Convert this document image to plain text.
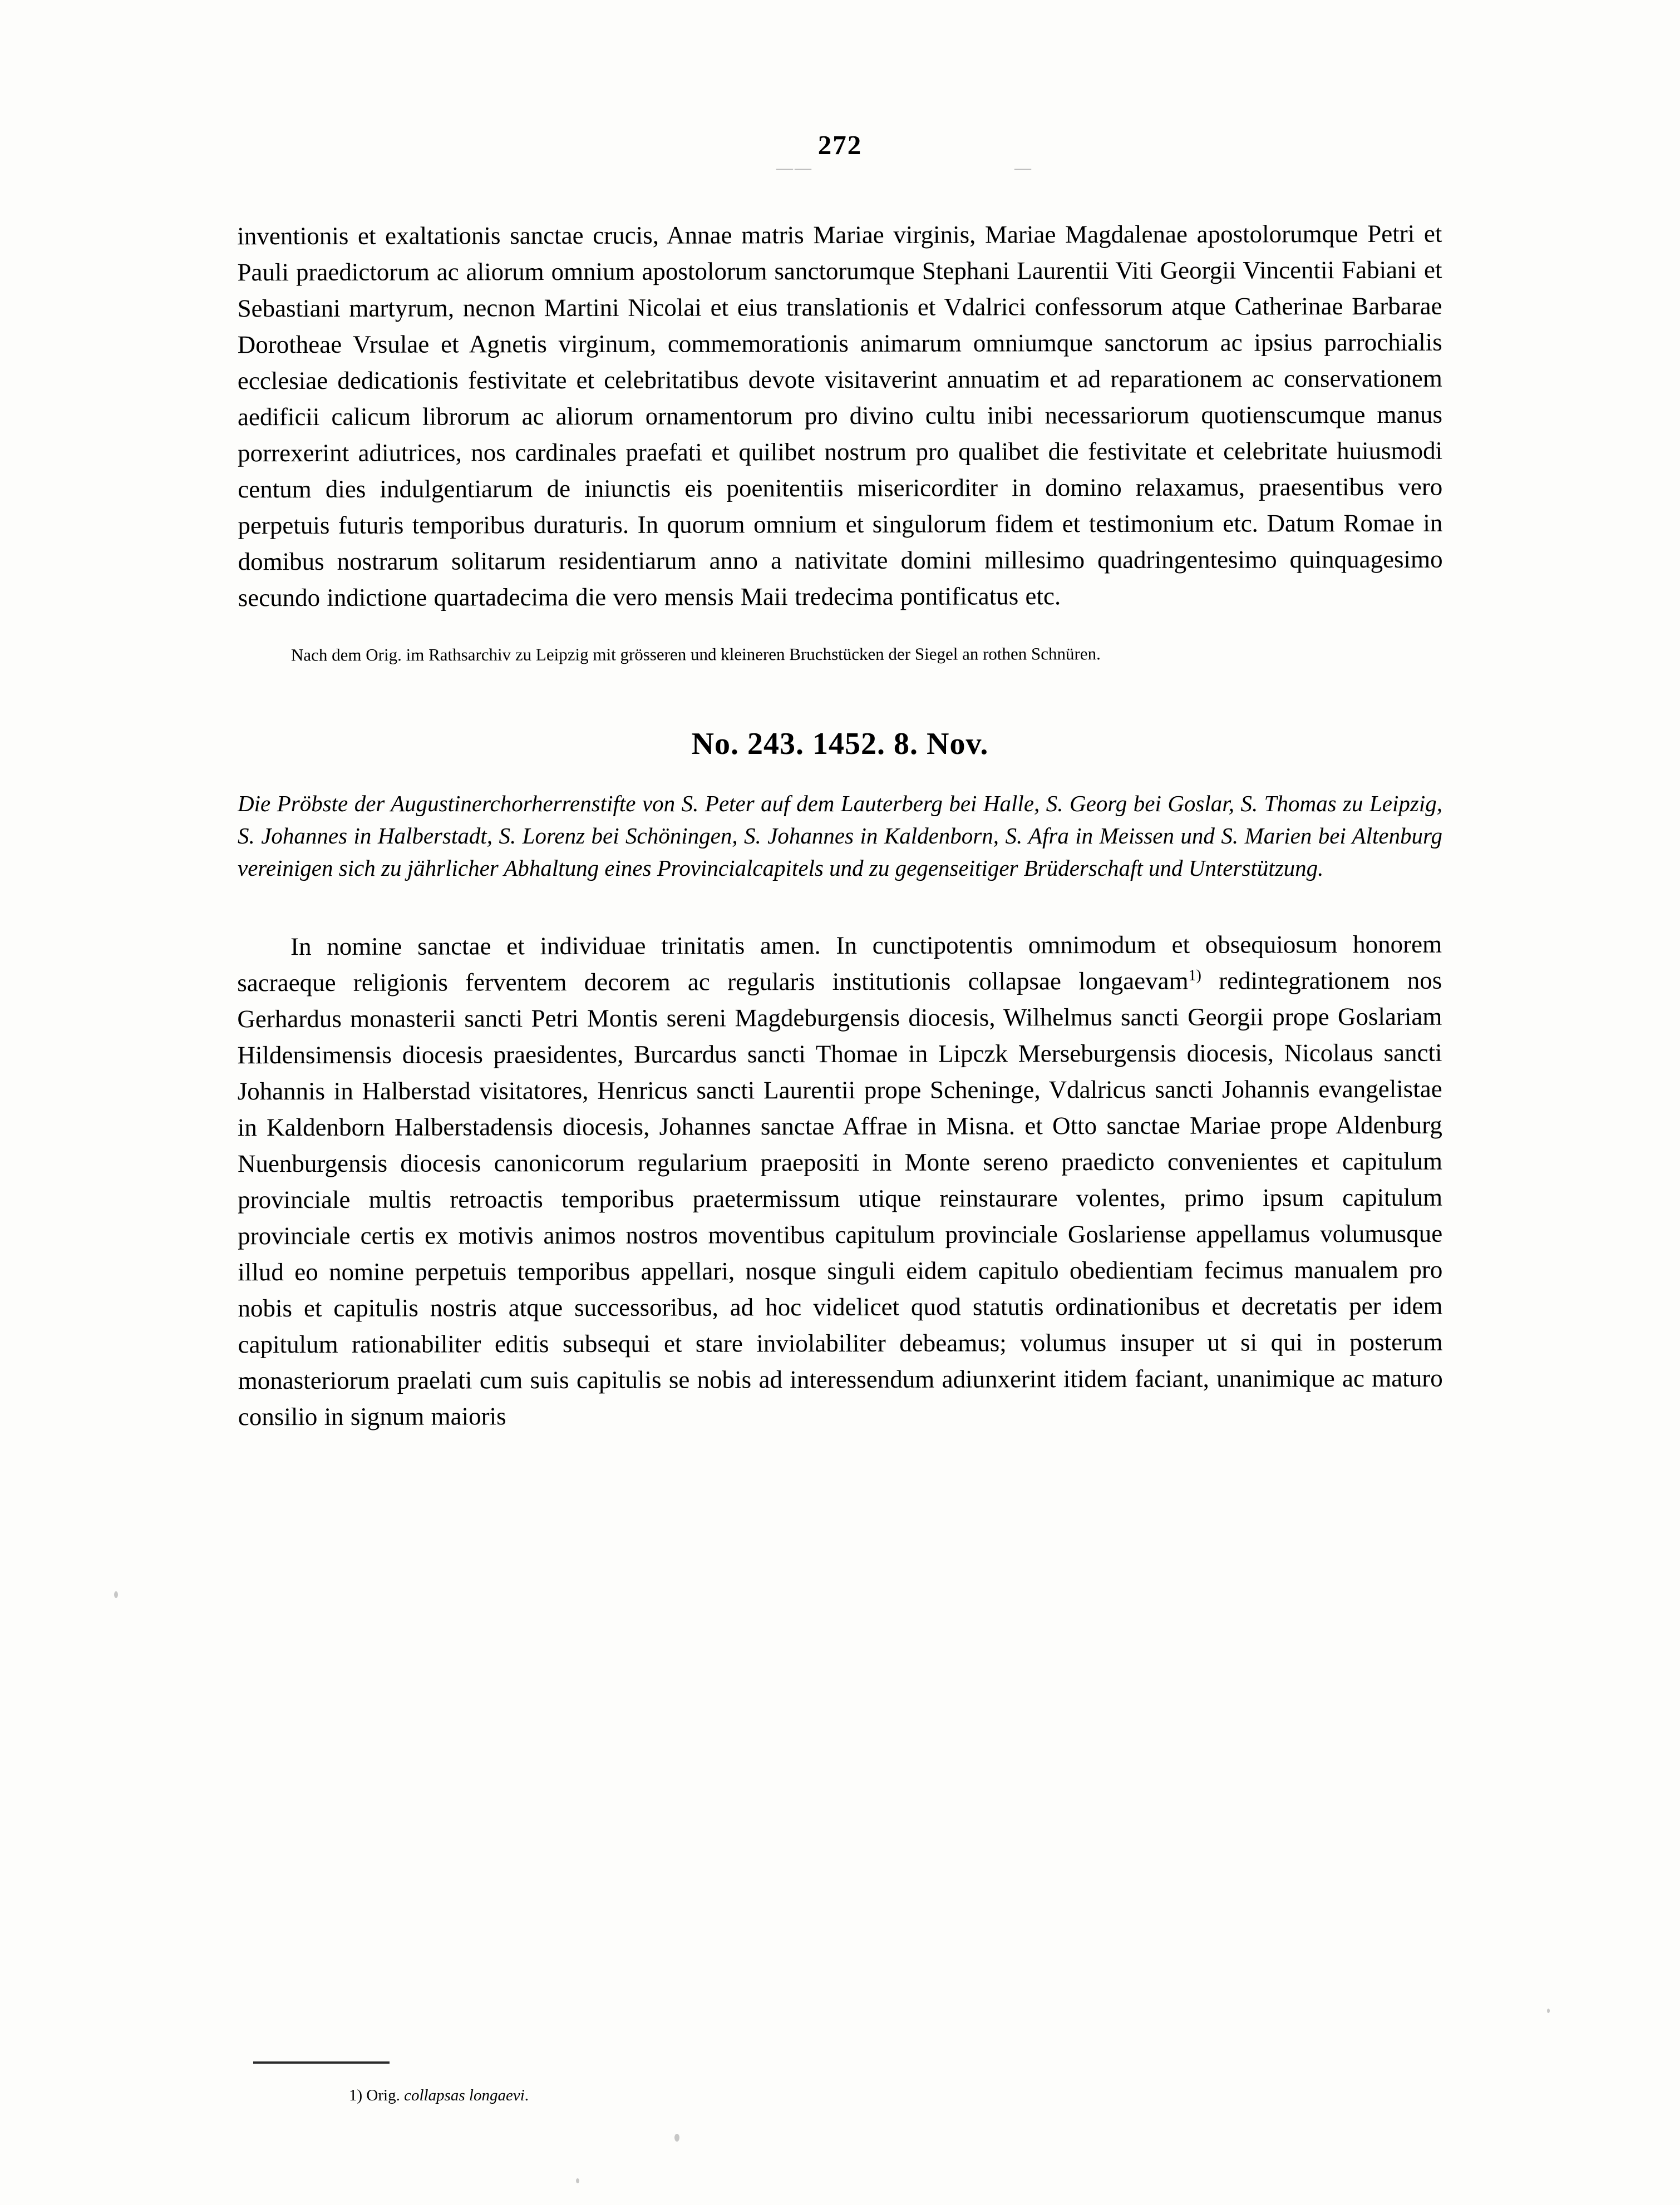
——
272
—

inventionis et exaltationis sanctae crucis, Annae matris Mariae virginis, Mariae Magdalenae apostolorumque Petri et Pauli praedictorum ac aliorum omnium apostolorum sanctorumque Stephani Laurentii Viti Georgii Vincentii Fabiani et Sebastiani martyrum, necnon Martini Nicolai et eius translationis et Vdalrici confessorum atque Catherinae Barbarae Dorotheae Vrsulae et Agnetis virginum, commemorationis animarum omniumque sanctorum ac ipsius parrochialis ecclesiae dedicationis festivitate et celebritatibus devote visitaverint annuatim et ad reparationem ac conservationem aedificii calicum librorum ac aliorum ornamentorum pro divino cultu inibi necessariorum quotienscumque manus porrexerint adiutrices, nos cardinales praefati et quilibet nostrum pro qualibet die festivitate et celebritate huiusmodi centum dies indulgentiarum de iniunctis eis poenitentiis misericorditer in domino relaxamus, praesentibus vero perpetuis futuris temporibus duraturis. In quorum omnium et singulorum fidem et testimonium etc. Datum Romae in domibus nostrarum solitarum residentiarum anno a nativitate domini millesimo quadringentesimo quinquagesimo secundo indictione quartadecima die vero mensis Maii tredecima pontificatus etc.

Nach dem Orig. im Rathsarchiv zu Leipzig mit grösseren und kleineren Bruchstücken der Siegel an rothen Schnüren.

No. 243. 1452. 8. Nov.

Die Pröbste der Augustinerchorherrenstifte von S. Peter auf dem Lauterberg bei Halle, S. Georg bei Goslar, S. Thomas zu Leipzig, S. Johannes in Halberstadt, S. Lorenz bei Schöningen, S. Johannes in Kaldenborn, S. Afra in Meissen und S. Marien bei Altenburg vereinigen sich zu jährlicher Abhaltung eines Provincialcapitels und zu gegenseitiger Brüderschaft und Unterstützung.

In nomine sanctae et individuae trinitatis amen. In cunctipotentis omnimodum et obsequiosum honorem sacraeque religionis ferventem decorem ac regularis institutionis collapsae longaevam$^{1)}$ redintegrationem nos Gerhardus monasterii sancti Petri Montis sereni Magdeburgensis diocesis, Wilhelmus sancti Georgii prope Goslariam Hildensimensis diocesis praesidentes, Burcardus sancti Thomae in Lipczk Merseburgensis diocesis, Nicolaus sancti Johannis in Halberstad visitatores, Henricus sancti Laurentii prope Scheninge, Vdalricus sancti Johannis evangelistae in Kaldenborn Halberstadensis diocesis, Johannes sanctae Affrae in Misna. et Otto sanctae Mariae prope Aldenburg Nuenburgensis diocesis canonicorum regularium praepositi in Monte sereno praedicto convenientes et capitulum provinciale multis retroactis temporibus praetermissum utique reinstaurare volentes, primo ipsum capitulum provinciale certis ex motivis animos nostros moventibus capitulum provinciale Goslariense appellamus volumusque illud eo nomine perpetuis temporibus appellari, nosque singuli eidem capitulo obedientiam fecimus manualem pro nobis et capitulis nostris atque successoribus, ad hoc videlicet quod statutis ordinationibus et decretatis per idem capitulum rationabiliter editis subsequi et stare inviolabiliter debeamus; volumus insuper ut si qui in posterum monasteriorum praelati cum suis capitulis se nobis ad interessendum adiunxerint itidem faciant, unanimique ac maturo consilio in signum maioris

1) Orig. collapsas longaevi.
